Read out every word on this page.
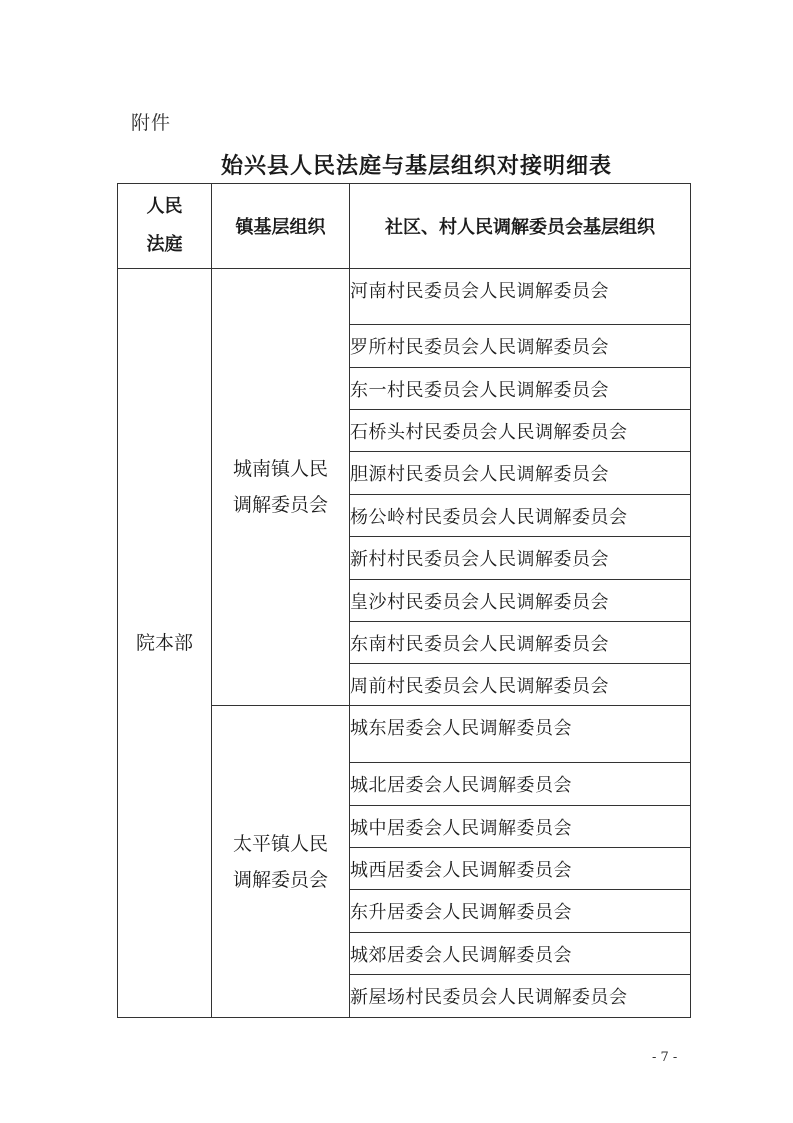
附件
始兴县人民法庭与基层组织对接明细表
人民
法庭	镇基层组织	社区、村人民调解委员会基层组织
院本部	城南镇人民
调解委员会	河南村民委员会人民调解委员会
		罗所村民委员会人民调解委员会
		东一村民委员会人民调解委员会
		石桥头村民委员会人民调解委员会
		胆源村民委员会人民调解委员会
		杨公岭村民委员会人民调解委员会
		新村村民委员会人民调解委员会
		皇沙村民委员会人民调解委员会
		东南村民委员会人民调解委员会
		周前村民委员会人民调解委员会
	太平镇人民
调解委员会	城东居委会人民调解委员会
		城北居委会人民调解委员会
		城中居委会人民调解委员会
		城西居委会人民调解委员会
		东升居委会人民调解委员会
		城郊居委会人民调解委员会
		新屋场村民委员会人民调解委员会
- 7 -
